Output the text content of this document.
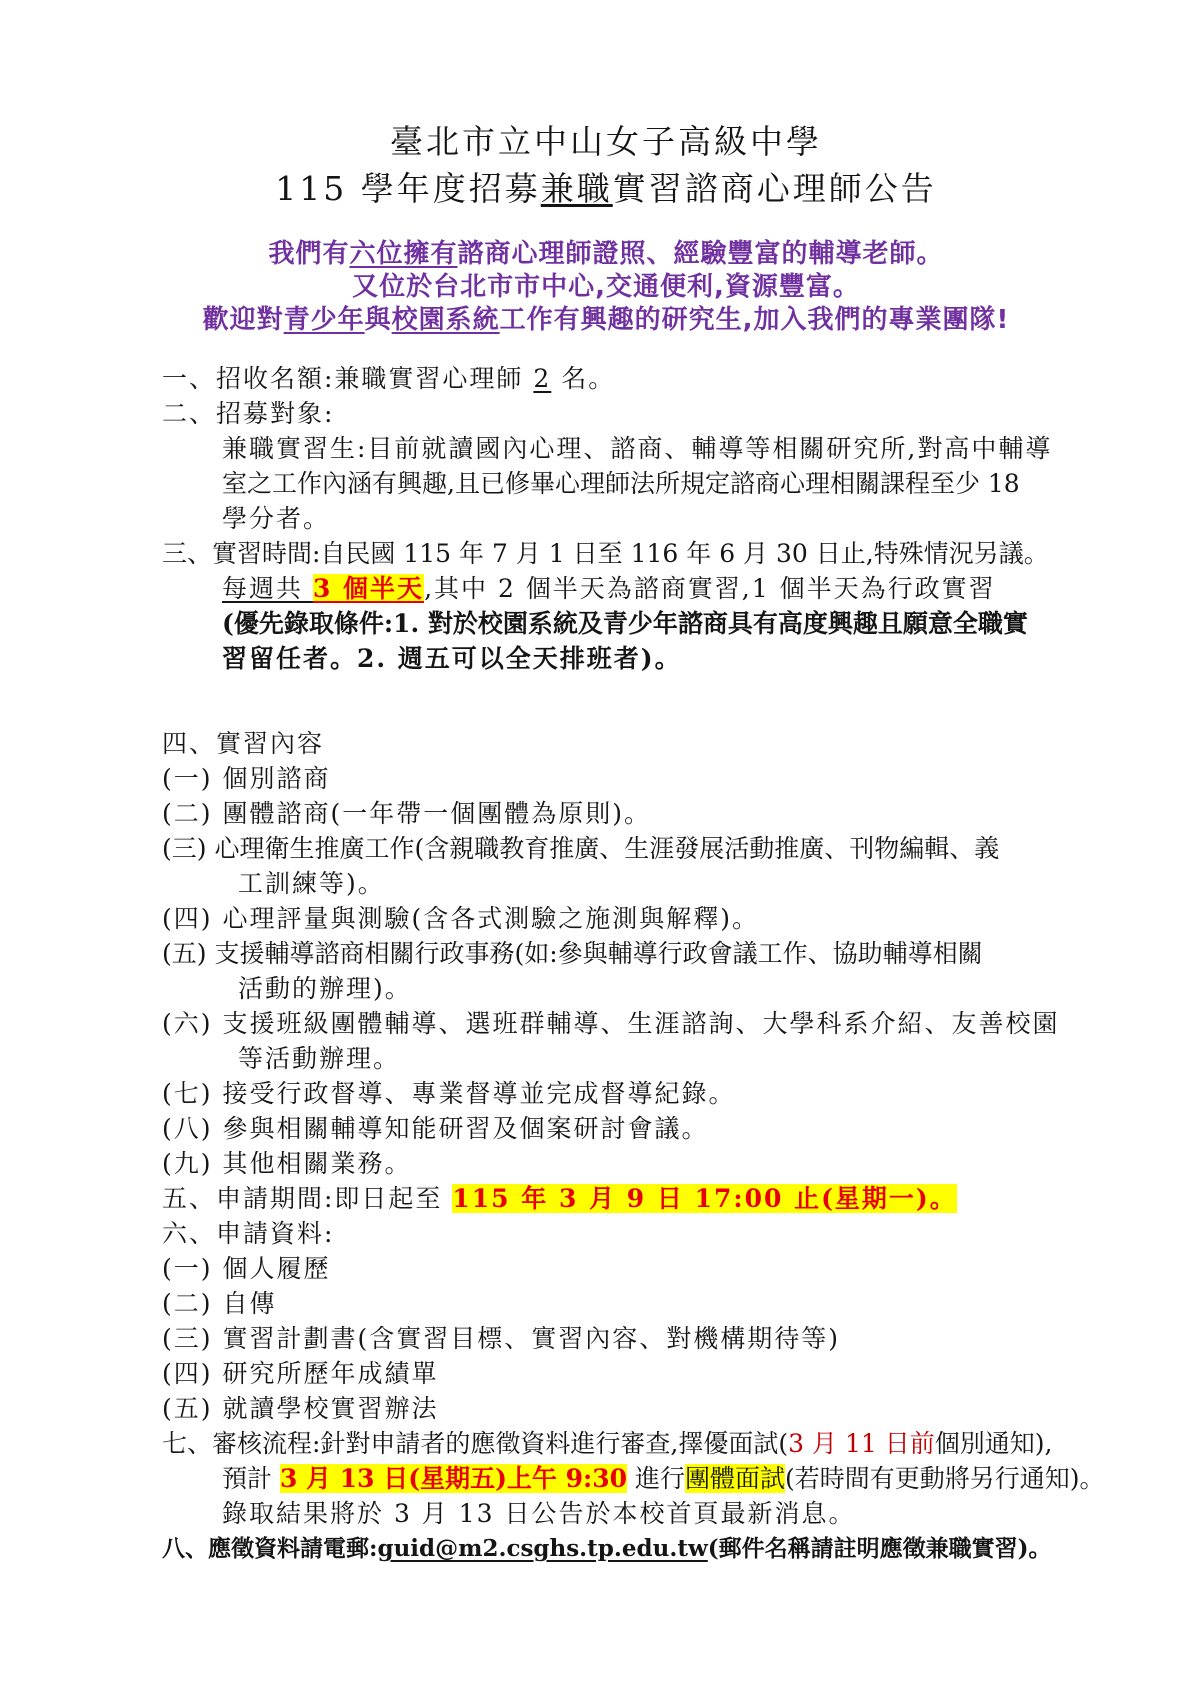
臺北市立中山女子高級中學
115 學年度招募兼職實習諮商心理師公告
我們有六位擁有諮商心理師證照、經驗豐富的輔導老師。
又位於台北市市中心,交通便利,資源豐富。
歡迎對青少年與校園系統工作有興趣的研究生,加入我們的專業團隊!
一、招收名額:兼職實習心理師 2 名。
二、招募對象:
兼職實習生:目前就讀國內心理、諮商、輔導等相關研究所,對高中輔導
室之工作內涵有興趣,且已修畢心理師法所規定諮商心理相關課程至少 18
學分者。
三、實習時間:自民國 115 年 7 月 1 日至 116 年 6 月 30 日止,特殊情況另議。
每週共 3 個半天,其中 2 個半天為諮商實習,1 個半天為行政實習
(優先錄取條件:1. 對於校園系統及青少年諮商具有高度興趣且願意全職實
習留任者。2. 週五可以全天排班者)。
四、實習內容
(一) 個別諮商
(二) 團體諮商(一年帶一個團體為原則)。
(三) 心理衛生推廣工作(含親職教育推廣、生涯發展活動推廣、刊物編輯、義
工訓練等)。
(四) 心理評量與測驗(含各式測驗之施測與解釋)。
(五) 支援輔導諮商相關行政事務(如:參與輔導行政會議工作、協助輔導相關
活動的辦理)。
(六) 支援班級團體輔導、選班群輔導、生涯諮詢、大學科系介紹、友善校園
等活動辦理。
(七) 接受行政督導、專業督導並完成督導紀錄。
(八) 參與相關輔導知能研習及個案研討會議。
(九) 其他相關業務。
五、申請期間:即日起至 115 年 3 月 9 日 17:00 止(星期一)。
六、申請資料:
(一) 個人履歷
(二) 自傳
(三) 實習計劃書(含實習目標、實習內容、對機構期待等)
(四) 研究所歷年成績單
(五) 就讀學校實習辦法
七、審核流程:針對申請者的應徵資料進行審查,擇優面試(3 月 11 日前個別通知),
預計 3 月 13 日(星期五)上午 9:30 進行團體面試(若時間有更動將另行通知)。
錄取結果將於 3 月 13 日公告於本校首頁最新消息。
八、應徵資料請電郵:guid@m2.csghs.tp.edu.tw(郵件名稱請註明應徵兼職實習)。
